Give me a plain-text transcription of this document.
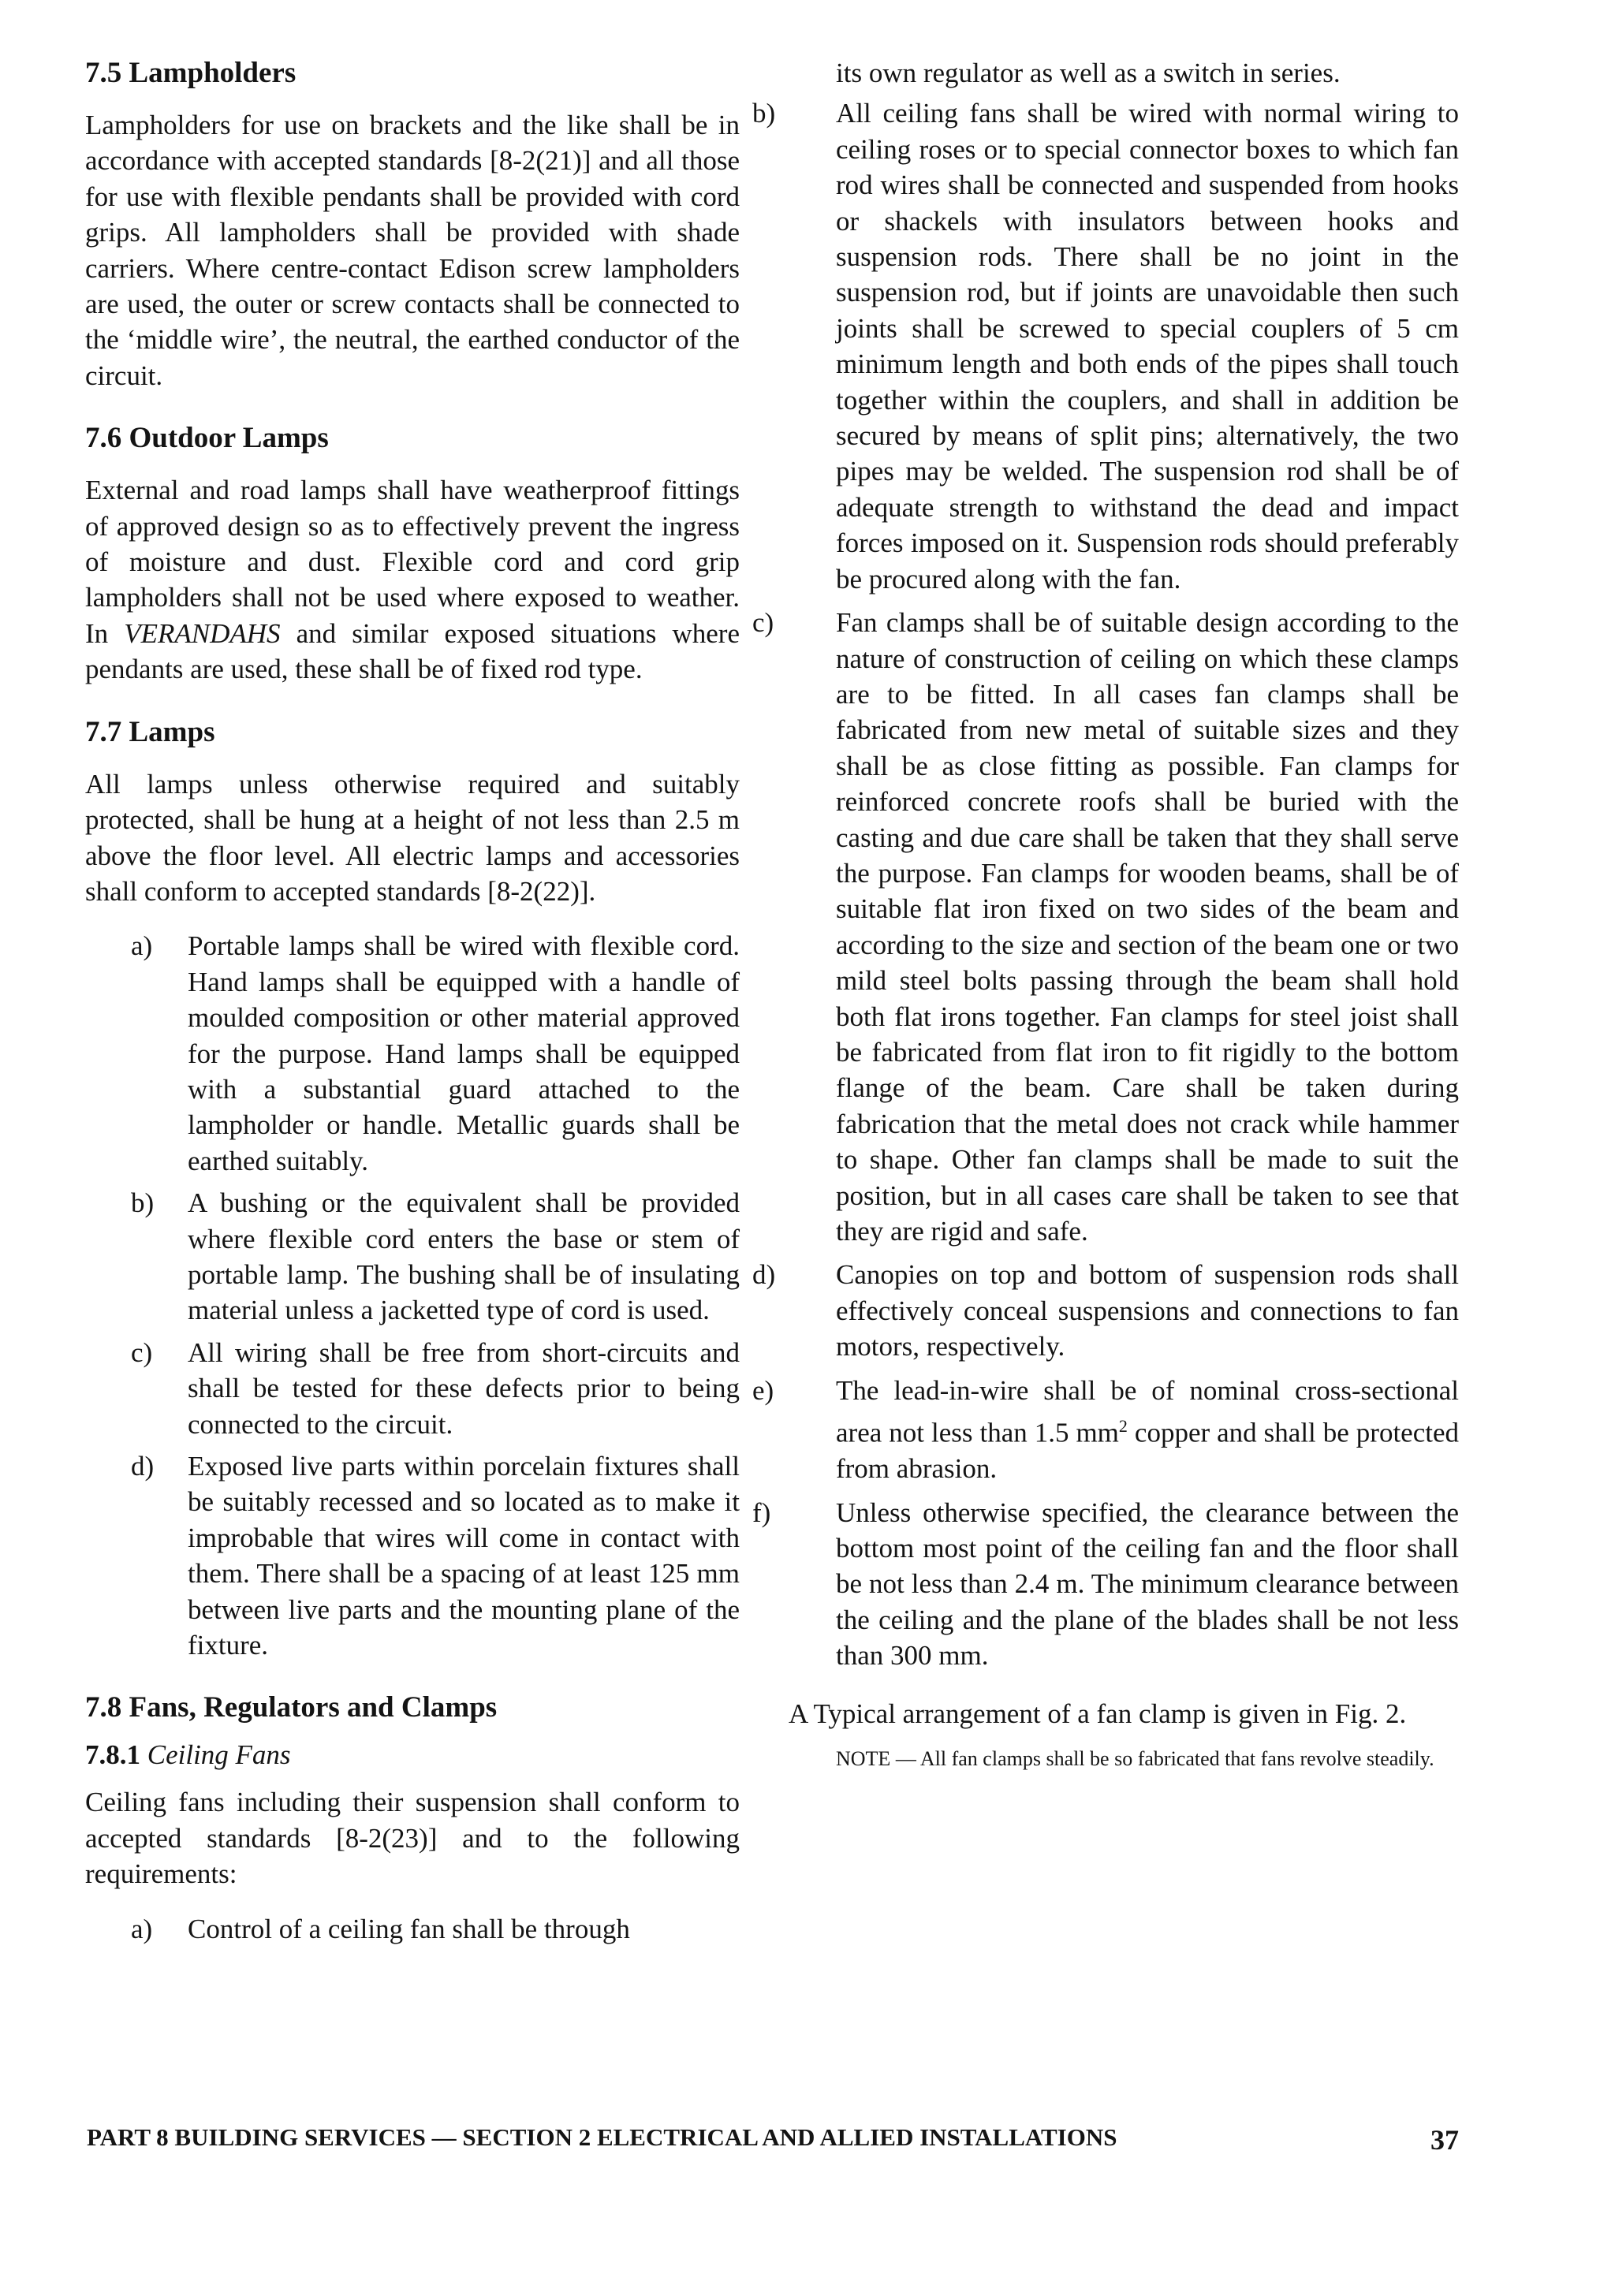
7.5 Lampholders

Lampholders for use on brackets and the like shall be in accordance with accepted standards [8-2(21)] and all those for use with flexible pendants shall be provided with cord grips. All lampholders shall be provided with shade carriers. Where centre-contact Edison screw lampholders are used, the outer or screw contacts shall be connected to the ‘middle wire’, the neutral, the earthed conductor of the circuit.

7.6 Outdoor Lamps

External and road lamps shall have weatherproof fittings of approved design so as to effectively prevent the ingress of moisture and dust. Flexible cord and cord grip lampholders shall not be used where exposed to weather. In VERANDAHS and similar exposed situations where pendants are used, these shall be of fixed rod type.

7.7 Lamps

All lamps unless otherwise required and suitably protected, shall be hung at a height of not less than 2.5 m above the floor level. All electric lamps and accessories shall conform to accepted standards [8-2(22)].

a)	Portable lamps shall be wired with flexible cord. Hand lamps shall be equipped with a handle of moulded composition or other material approved for the purpose. Hand lamps shall be equipped with a substantial guard attached to the lampholder or handle. Metallic guards shall be earthed suitably.
b)	A bushing or the equivalent shall be provided where flexible cord enters the base or stem of portable lamp. The bushing shall be of insulating material unless a jacketted type of cord is used.
c)	All wiring shall be free from short-circuits and shall be tested for these defects prior to being connected to the circuit.
d)	Exposed live parts within porcelain fixtures shall be suitably recessed and so located as to make it improbable that wires will come in contact with them. There shall be a spacing of at least 125 mm between live parts and the mounting plane of the fixture.
7.8 Fans, Regulators and Clamps
7.8.1 Ceiling Fans

Ceiling fans including their suspension shall conform to accepted standards [8-2(23)] and to the following requirements:

a)	Control of a ceiling fan shall be through

its own regulator as well as a switch in series.

b)	All ceiling fans shall be wired with normal wiring to ceiling roses or to special connector boxes to which fan rod wires shall be connected and suspended from hooks or shackels with insulators between hooks and suspension rods. There shall be no joint in the suspension rod, but if joints are unavoidable then such joints shall be screwed to special couplers of 5 cm minimum length and both ends of the pipes shall touch together within the couplers, and shall in addition be secured by means of split pins; alternatively, the two pipes may be welded. The suspension rod shall be of adequate strength to withstand the dead and impact forces imposed on it. Suspension rods should preferably be procured along with the fan.
c)	Fan clamps shall be of suitable design according to the nature of construction of ceiling on which these clamps are to be fitted. In all cases fan clamps shall be fabricated from new metal of suitable sizes and they shall be as close fitting as possible. Fan clamps for reinforced concrete roofs shall be buried with the casting and due care shall be taken that they shall serve the purpose. Fan clamps for wooden beams, shall be of suitable flat iron fixed on two sides of the beam and according to the size and section of the beam one or two mild steel bolts passing through the beam shall hold both flat irons together. Fan clamps for steel joist shall be fabricated from flat iron to fit rigidly to the bottom flange of the beam. Care shall be taken during fabrication that the metal does not crack while hammer to shape. Other fan clamps shall be made to suit the position, but in all cases care shall be taken to see that they are rigid and safe.
d)	Canopies on top and bottom of suspension rods shall effectively conceal suspensions and connections to fan motors, respectively.
e)	The lead-in-wire shall be of nominal cross-sectional area not less than 1.5 $mm^2$ copper and shall be protected from abrasion.
f)	Unless otherwise specified, the clearance between the bottom most point of the ceiling fan and the floor shall be not less than 2.4 m. The minimum clearance between the ceiling and the plane of the blades shall be not less than 300 mm.

A Typical arrangement of a fan clamp is given in Fig. 2.

NOTE — All fan clamps shall be so fabricated that fans revolve steadily.

PART 8 BUILDING SERVICES — SECTION 2 ELECTRICAL AND ALLIED INSTALLATIONS	37
